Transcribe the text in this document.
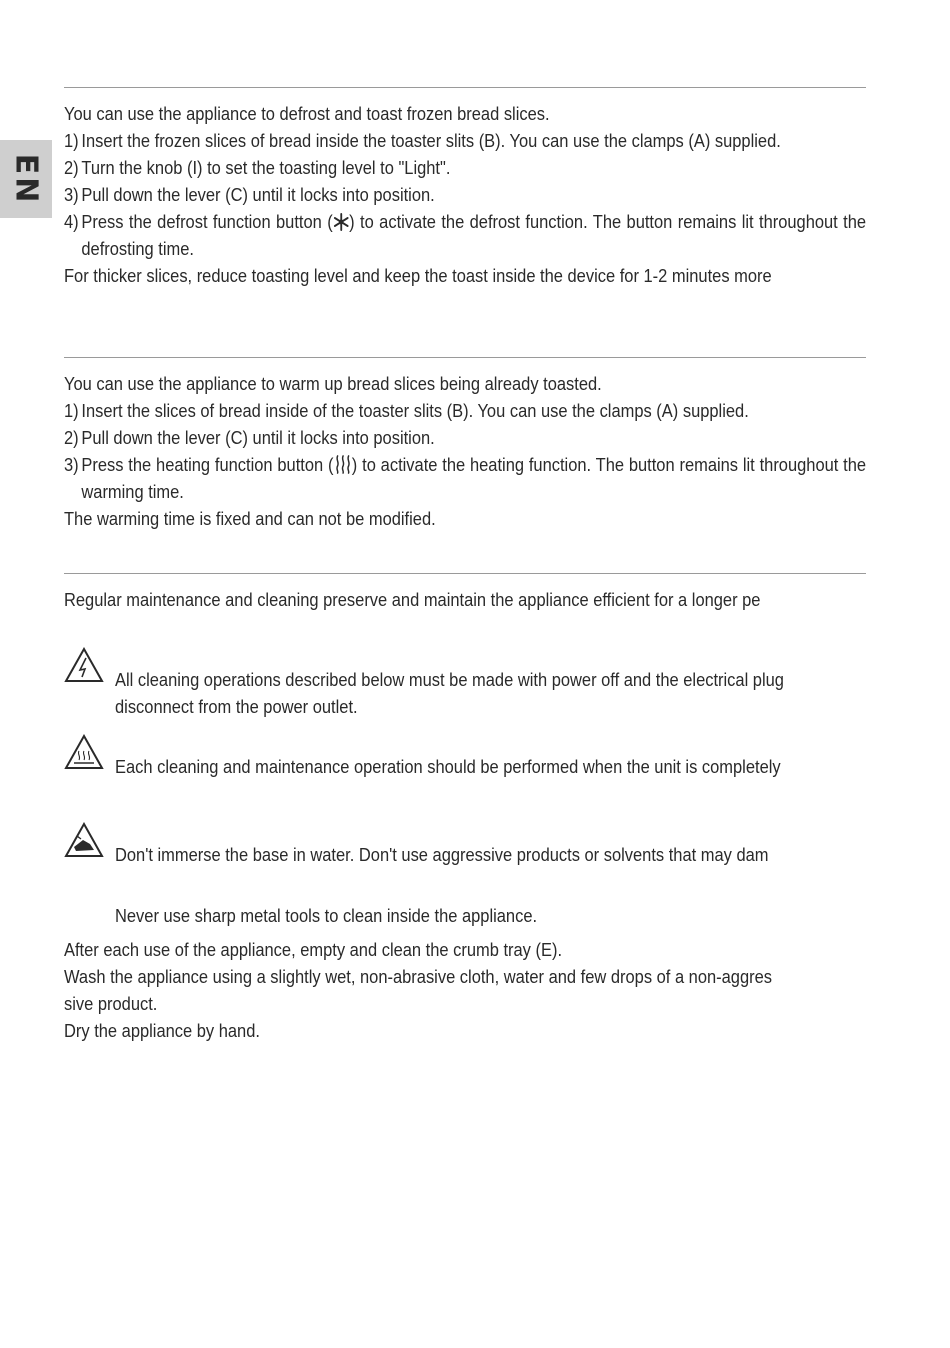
EN
You can use the appliance to defrost and toast frozen bread slices.
1) Insert the frozen slices of bread inside the toaster slits (B). You can use the clamps (A) supplied.
2) Turn the knob (I) to set the toasting level to "Light".
3) Pull down the lever (C) until it locks into position.
4) Press the defrost function button ( ) to activate the defrost function. The button remains lit throughout the defrosting time.
For thicker slices, reduce toasting level and keep the toast inside the device for 1-2 minutes more
You can use the appliance to warm up bread slices being already toasted.
1) Insert the slices of bread inside of the toaster slits (B). You can use the clamps (A) supplied.
2) Pull down the lever (C) until it locks into position.
3) Press the heating function button ( ) to activate the heating function. The button remains lit throughout the warming time.
The warming time is fixed and can not be modified.
Regular maintenance and cleaning preserve and maintain the appliance efficient for a longer pe
All cleaning operations described below must be made with power off and the electrical plug
disconnect from the power outlet.
Each cleaning and maintenance operation should be performed when the unit is completely
Don't immerse the base in water. Don't use aggressive products or solvents that may dam
Never use sharp metal tools to clean inside the appliance.
After each use of the appliance, empty and clean the crumb tray (E).
Wash the appliance using a slightly wet, non-abrasive cloth, water and few drops of a non-aggres
sive product.
Dry the appliance by hand.
